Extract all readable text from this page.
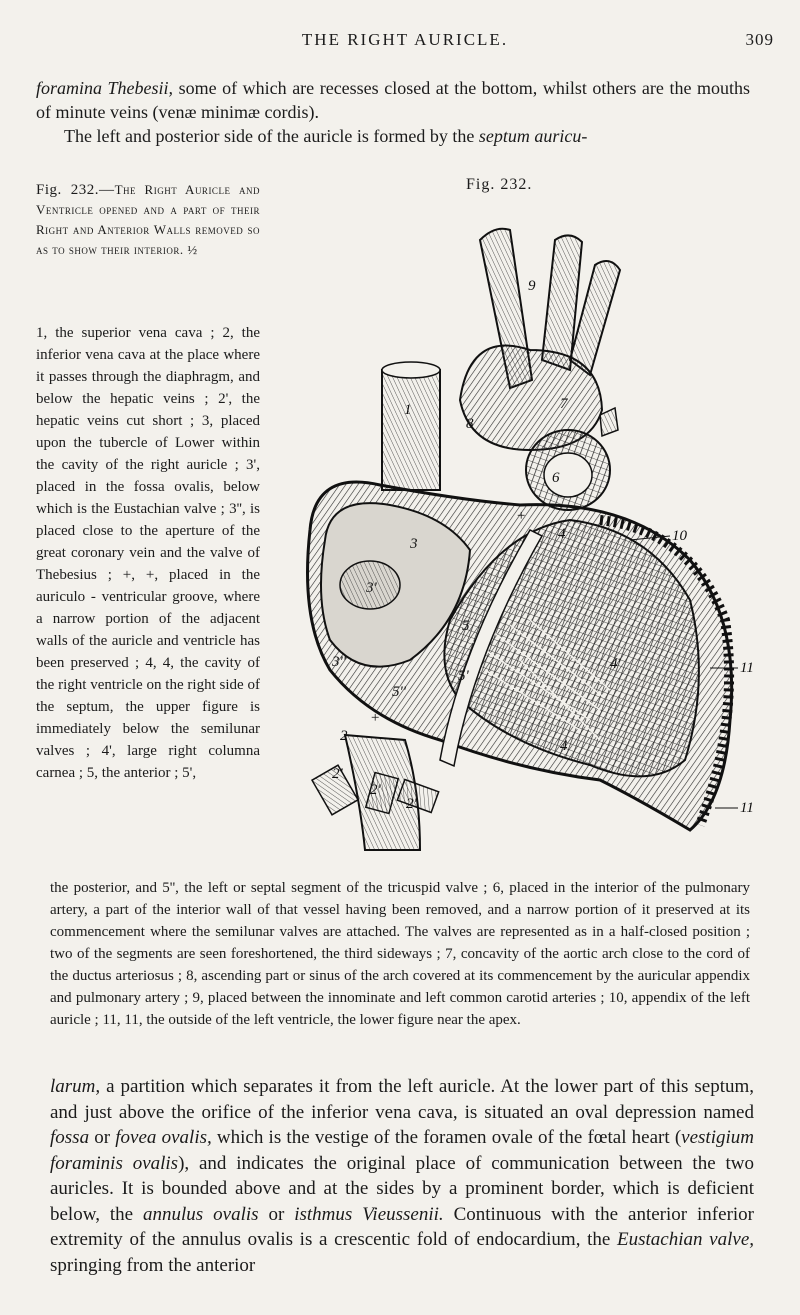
THE RIGHT AURICLE.	309

foramina Thebesii, some of which are recesses closed at the bottom, whilst others are the mouths of minute veins (venæ minimæ cordis).

The left and posterior side of the auricle is formed by the septum auricu-

Fig. 232.—The Right Auricle and Ventricle opened and a part of their Right and Anterior Walls removed so as to show their interior. ½
Fig. 232.
1, the superior vena cava ; 2, the inferior vena cava at the place where it passes through the diaphragm, and below the hepatic veins ; 2', the hepatic veins cut short ; 3, placed upon the tubercle of Lower within the cavity of the right auricle ; 3', placed in the fossa ovalis, below which is the Eustachian valve ; 3'', is placed close to the aperture of the great coronary vein and the valve of Thebesius ; +, +, placed in the auriculo - ventricular groove, where a narrow portion of the adjacent walls of the auricle and ventricle has been preserved ; 4, 4, the cavity of the right ventricle on the right side of the septum, the upper figure is immediately below the semilunar valves ; 4', large right columna carnea ; 5, the anterior ; 5',
9
8
7
6
1
3
3'
3''
4
4
4'
5
5'
5''
10
11
11
2
2'
2'
2'
+
+
the posterior, and 5'', the left or septal segment of the tricuspid valve ; 6, placed in the interior of the pulmonary artery, a part of the interior wall of that vessel having been removed, and a narrow portion of it preserved at its commencement where the semilunar valves are attached. The valves are represented as in a half-closed position ; two of the segments are seen foreshortened, the third sideways ; 7, concavity of the aortic arch close to the cord of the ductus arteriosus ; 8, ascending part or sinus of the arch covered at its commencement by the auricular appendix and pulmonary artery ; 9, placed between the innominate and left common carotid arteries ; 10, appendix of the left auricle ; 11, 11, the outside of the left ventricle, the lower figure near the apex.

larum, a partition which separates it from the left auricle. At the lower part of this septum, and just above the orifice of the inferior vena cava, is situated an oval depression named fossa or fovea ovalis, which is the vestige of the foramen ovale of the fœtal heart (vestigium foraminis ovalis), and indicates the original place of communication between the two auricles. It is bounded above and at the sides by a prominent border, which is deficient below, the annulus ovalis or isthmus Vieussenii. Continuous with the anterior inferior extremity of the annulus ovalis is a crescentic fold of endocardium, the Eustachian valve, springing from the anterior
